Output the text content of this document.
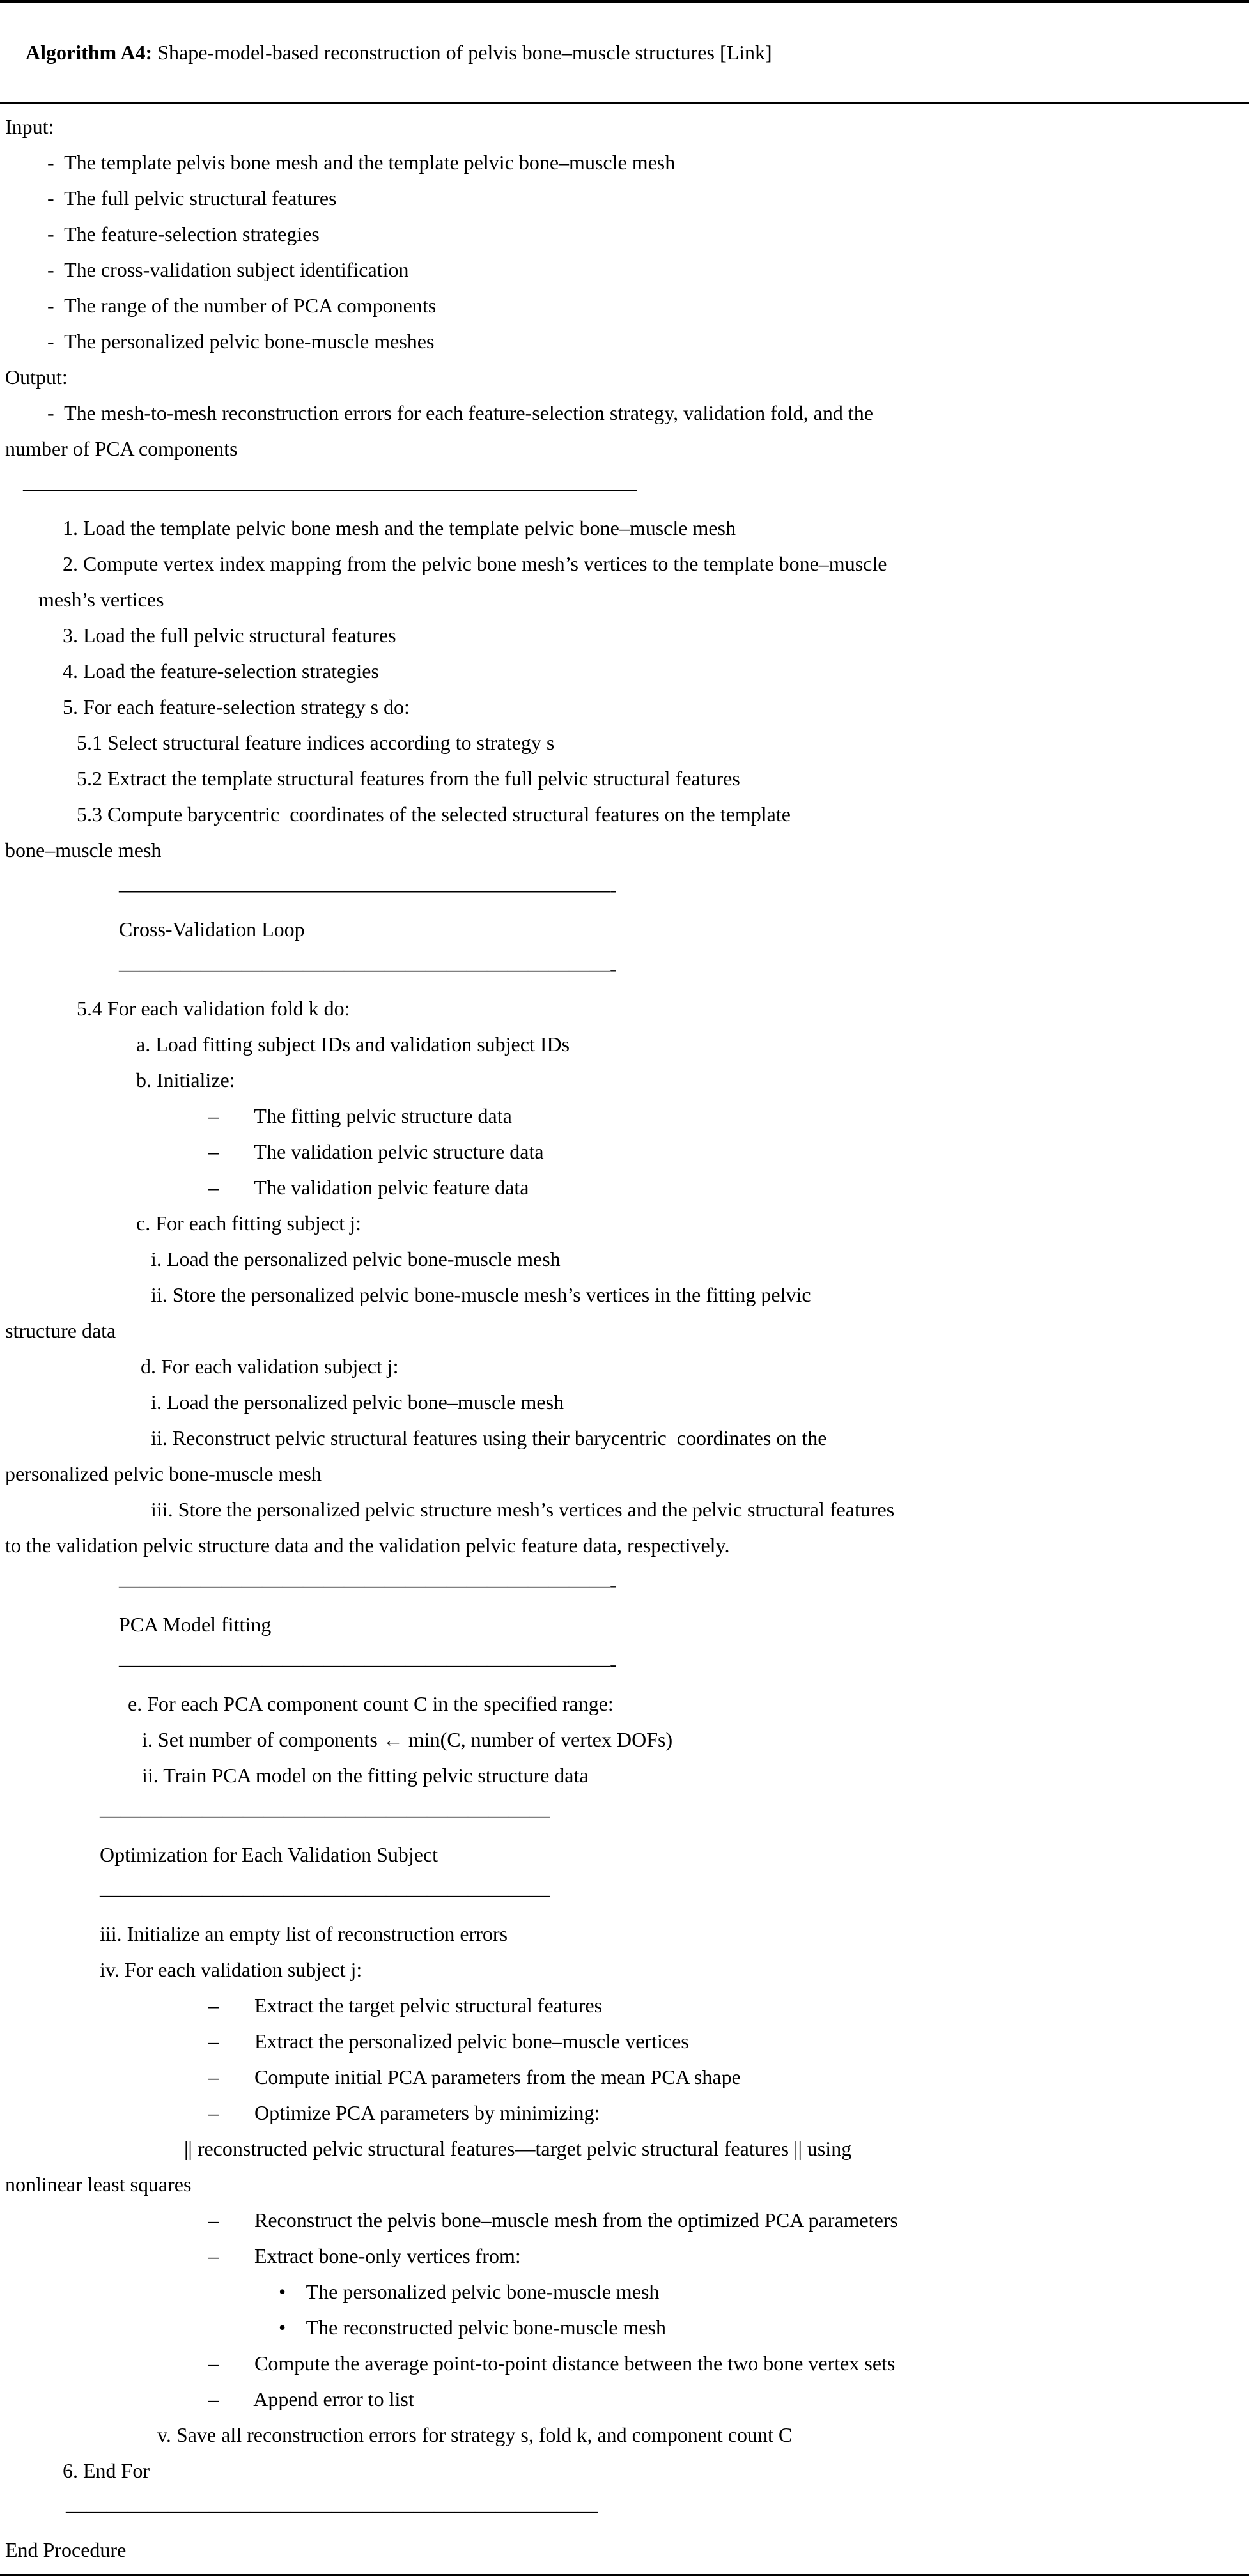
Algorithm A4: Shape-model-based reconstruction of pelvis bone–muscle structures [Link]

Input:
-  The template pelvis bone mesh and the template pelvic bone–muscle mesh
-  The full pelvic structural features
-  The feature-selection strategies
-  The cross-validation subject identification
-  The range of the number of PCA components
-  The personalized pelvic bone-muscle meshes
Output:
-  The mesh-to-mesh reconstruction errors for each feature-selection strategy, validation fold, and the
number of PCA components
——————————————————————————————
1. Load the template pelvic bone mesh and the template pelvic bone–muscle mesh
2. Compute vertex index mapping from the pelvic bone mesh’s vertices to the template bone–muscle
mesh’s vertices
3. Load the full pelvic structural features
4. Load the feature-selection strategies
5. For each feature-selection strategy s do:
5.1 Select structural feature indices according to strategy s
5.2 Extract the template structural features from the full pelvic structural features
5.3 Compute barycentric  coordinates of the selected structural features on the template
bone–muscle mesh
————————————————————————-
Cross-Validation Loop
————————————————————————-
5.4 For each validation fold k do:
a. Load fitting subject IDs and validation subject IDs
b. Initialize:
–       The fitting pelvic structure data
–       The validation pelvic structure data
–       The validation pelvic feature data
c. For each fitting subject j:
i. Load the personalized pelvic bone-muscle mesh
ii. Store the personalized pelvic bone-muscle mesh’s vertices in the fitting pelvic
structure data
d. For each validation subject j:
i. Load the personalized pelvic bone–muscle mesh
ii. Reconstruct pelvic structural features using their barycentric  coordinates on the
personalized pelvic bone-muscle mesh
iii. Store the personalized pelvic structure mesh’s vertices and the pelvic structural features
to the validation pelvic structure data and the validation pelvic feature data, respectively.
————————————————————————-
PCA Model fitting
————————————————————————-
e. For each PCA component count C in the specified range:
i. Set number of components ← min(C, number of vertex DOFs)
ii. Train PCA model on the fitting pelvic structure data
——————————————————————
Optimization for Each Validation Subject
——————————————————————
iii. Initialize an empty list of reconstruction errors
iv. For each validation subject j:
–       Extract the target pelvic structural features
–       Extract the personalized pelvic bone–muscle vertices
–       Compute initial PCA parameters from the mean PCA shape
–       Optimize PCA parameters by minimizing:
|| reconstructed pelvic structural features—target pelvic structural features || using
nonlinear least squares
–       Reconstruct the pelvis bone–muscle mesh from the optimized PCA parameters
–       Extract bone-only vertices from:
•    The personalized pelvic bone-muscle mesh
•    The reconstructed pelvic bone-muscle mesh
–       Compute the average point-to-point distance between the two bone vertex sets
–       Append error to list
v. Save all reconstruction errors for strategy s, fold k, and component count C
6. End For
——————————————————————————
End Procedure
